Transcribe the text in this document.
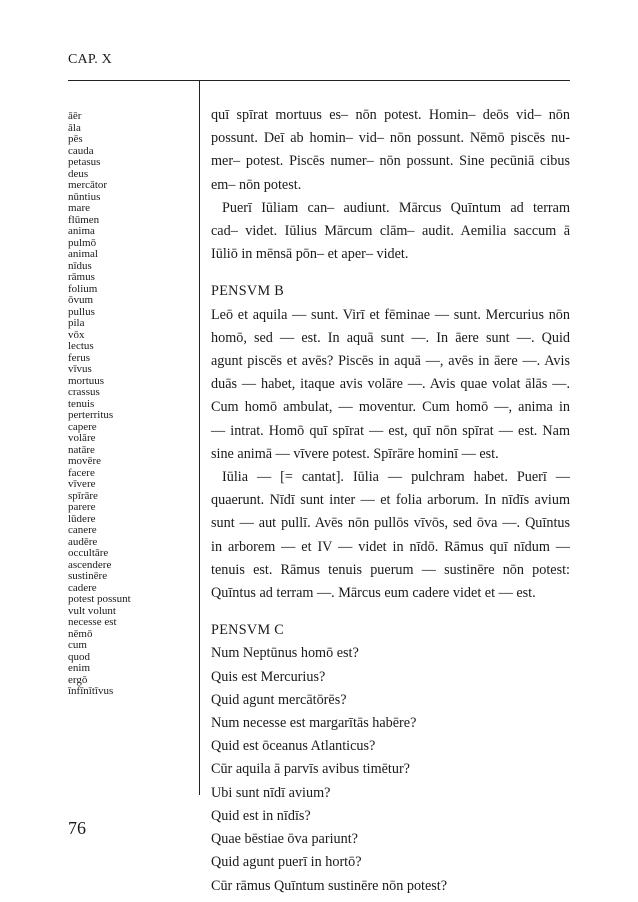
CAP. X
āēr
āla
pēs
cauda
petasus
deus
mercātor
nūntius
mare
flūmen
anima
pulmō
animal
nīdus
rāmus
folium
ōvum
pullus
pila
vōx
lectus
ferus
vīvus
mortuus
crassus
tenuis
perterritus
capere
volāre
natāre
movēre
facere
vīvere
spīrāre
parere
lūdere
canere
audēre
occultāre
ascendere
sustinēre
cadere
potest possunt
vult volunt
necesse est
nēmō
cum
quod
enim
ergō
īnfīnītīvus

quī spīrat mortuus es– nōn potest. Homin– deōs vid– nōn

possunt. Deī ab homin– vid– nōn possunt. Nēmō piscēs nu-

mer– potest. Piscēs numer– nōn possunt. Sine pecūniā cibus

em– nōn potest.

Puerī Iūliam can– audiunt. Mārcus Quīntum ad terram

cad– videt. Iūlius Mārcum clām– audit. Aemilia saccum ā

Iūliō in mēnsā pōn– et aper– videt.

PENSVM B

Leō et aquila — sunt. Virī et fēminae — sunt. Mercurius nōn

homō, sed — est. In aquā sunt —. In āere sunt —. Quid

agunt piscēs et avēs? Piscēs in aquā —, avēs in āere —. Avis

duās — habet, itaque avis volāre —. Avis quae volat ālās —.

Cum homō ambulat, — moventur. Cum homō —, anima in

— intrat. Homō quī spīrat — est, quī nōn spīrat — est. Nam

sine animā — vīvere potest. Spīrāre hominī — est.

Iūlia — [= cantat]. Iūlia — pulchram habet. Puerī —

quaerunt. Nīdī sunt inter — et folia arborum. In nīdīs avium

sunt — aut pullī. Avēs nōn pullōs vīvōs, sed ōva —. Quīntus

in arborem — et IV — videt in nīdō. Rāmus quī nīdum —

tenuis est. Rāmus tenuis puerum — sustinēre nōn potest:

Quīntus ad terram —. Mārcus eum cadere videt et — est.

PENSVM C
Num Neptūnus homō est?
Quis est Mercurius?
Quid agunt mercātōrēs?
Num necesse est margarītās habēre?
Quid est ōceanus Atlanticus?
Cūr aquila ā parvīs avibus timētur?
Ubi sunt nīdī avium?
Quid est in nīdīs?
Quae bēstiae ōva pariunt?
Quid agunt puerī in hortō?
Cūr rāmus Quīntum sustinēre nōn potest?
76
